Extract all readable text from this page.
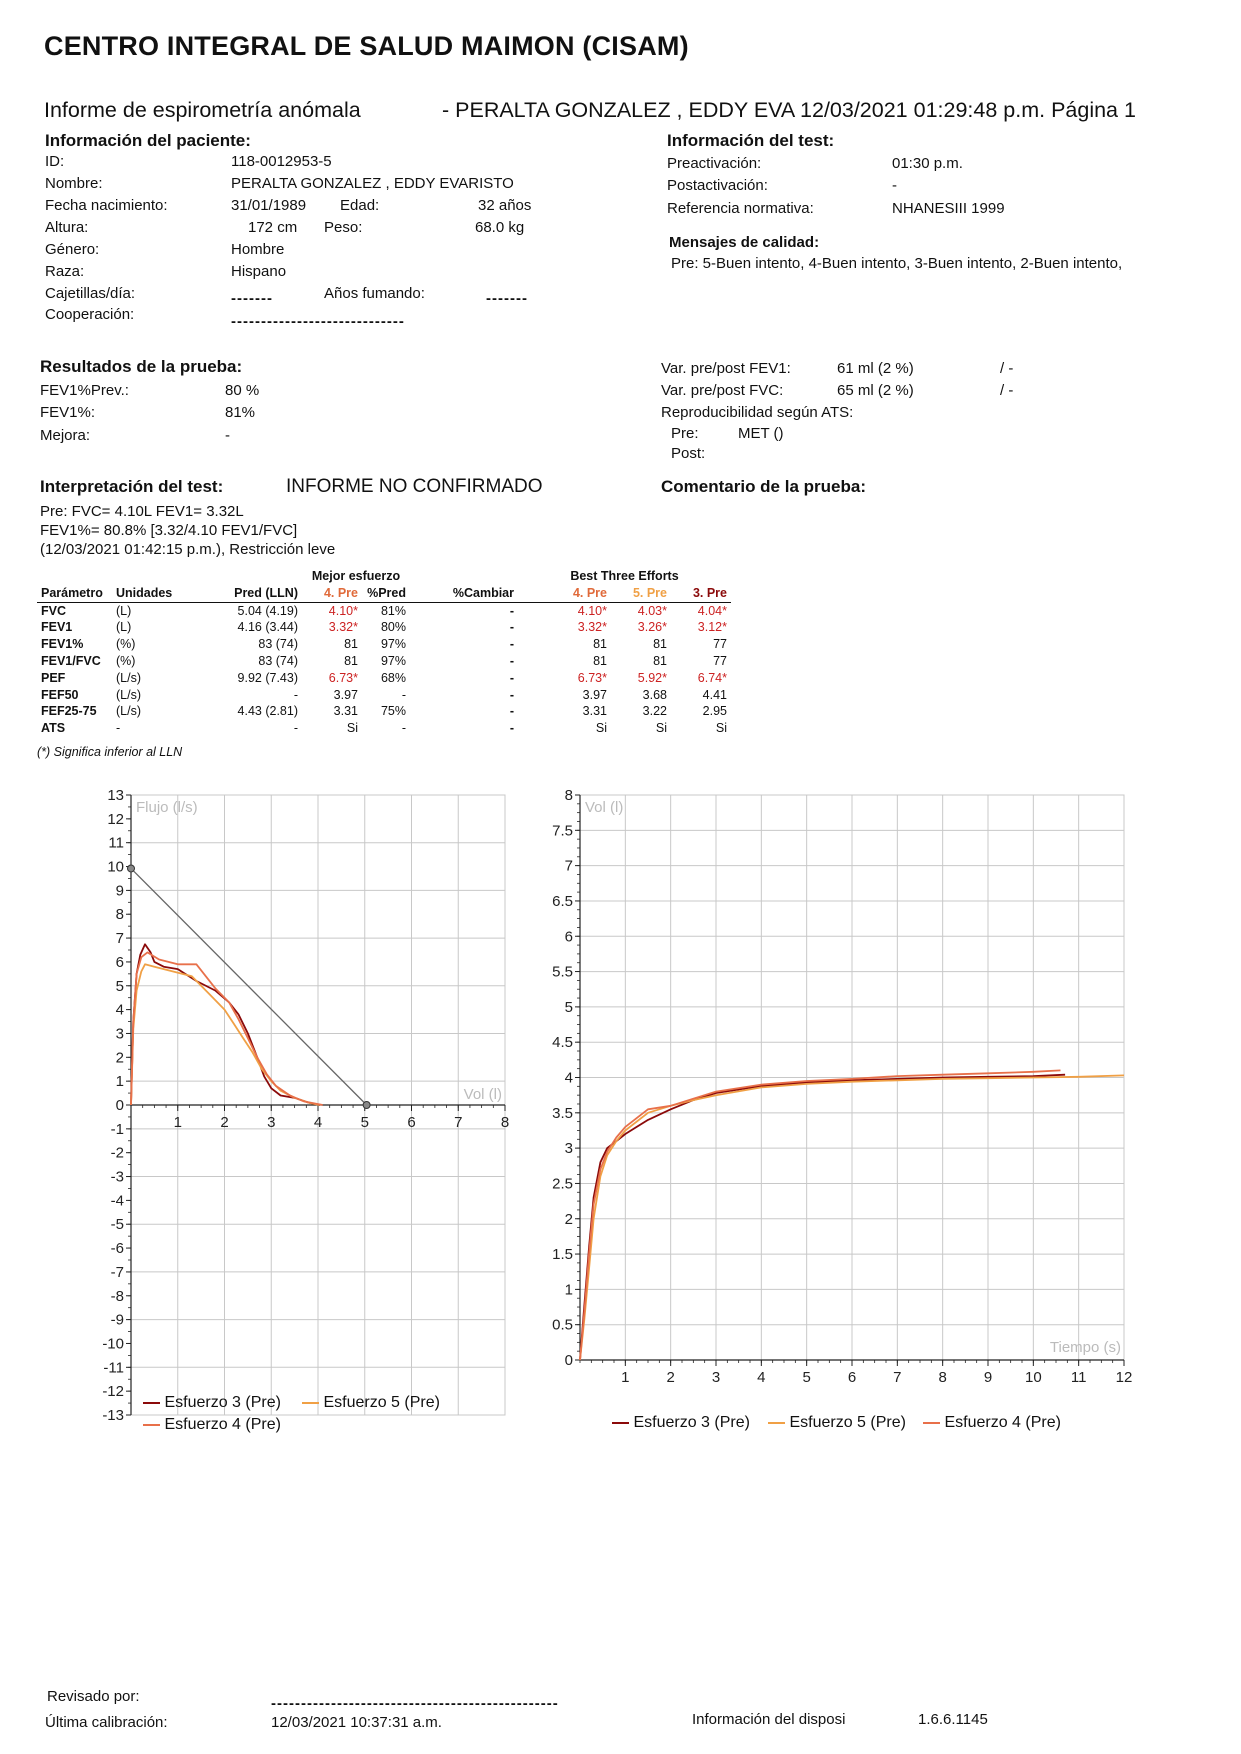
CENTRO INTEGRAL DE SALUD MAIMON (CISAM)
Informe de espirometría anómala	- PERALTA GONZALEZ , EDDY EVA 12/03/2021 01:29:48 p.m. Página 1
Información del paciente:
ID:	118-0012953-5
Nombre:	PERALTA GONZALEZ , EDDY EVARISTO
Fecha nacimiento:	31/01/1989 Edad:	32 años
Altura:	172 cm Peso:	68.0 kg
Género:	Hombre
Raza:	Hispano
Cajetillas/día:	-------	Años fumando:	-------
Cooperación:	-----------------------------
Información del test:
Preactivación:	01:30 p.m.
Postactivación:	-
Referencia normativa:	NHANESIII 1999
Mensajes de calidad:
Pre: 5-Buen intento, 4-Buen intento, 3-Buen intento, 2-Buen intento,
Resultados de la prueba:
FEV1%Prev.:	80 %
FEV1%:	81%
Mejora:	-
Var. pre/post FEV1:	61 ml (2 %)	/ -
Var. pre/post FVC:	65 ml (2 %)	/ -
Reproducibilidad según ATS:
Pre:	MET ()
Post:
Interpretación del test:	INFORME NO CONFIRMADO	Comentario de la prueba:
Pre: FVC= 4.10L FEV1= 3.32L
FEV1%= 80.8% [3.32/4.10 FEV1/FVC]
(12/03/2021 01:42:15 p.m.), Restricción leve
			Mejor esfuerzo			Best Three Efforts		
Parámetro	Unidades	Pred (LLN)	4. Pre	%Pred	%Cambiar	4. Pre	5. Pre	3. Pre
FVC	(L)	5.04 (4.19)	4.10*	81%	-	4.10*	4.03*	4.04*
FEV1	(L)	4.16 (3.44)	3.32*	80%	-	3.32*	3.26*	3.12*
FEV1%	(%)	83 (74)	81	97%	-	81	81	77
FEV1/FVC	(%)	83 (74)	81	97%	-	81	81	77
PEF	(L/s)	9.92 (7.43)	6.73*	68%	-	6.73*	5.92*	6.74*
FEF50	(L/s)	-	3.97	-	-	3.97	3.68	4.41
FEF25-75	(L/s)	4.43 (2.81)	3.31	75%	-	3.31	3.22	2.95
ATS	-	-	Si	-	-	Si	Si	Si
(*) Significa inferior al LLN
-13
-12
-11
-10
-9
-8
-7
-6
-5
-4
-3
-2
-1
0
1
2
3
4
5
6
7
8
9
10
11
12
13
1	2	3	4	5	6	7	8
Flujo (l/s)
Vol (l)
0
0.5
1
1.5
2
2.5
3
3.5
4
4.5
5
5.5
6
6.5
7
7.5
8
1 2 3 4 5 6 7 8 9 10 11 12
Vol (l)
Tiempo (s)
Esfuerzo 3 (Pre)	Esfuerzo 5 (Pre)
Esfuerzo 4 (Pre)	Esfuerzo 3 (Pre)	Esfuerzo 5 (Pre)	Esfuerzo 4 (Pre)
Revisado por:	------------------------------------------------
Última calibración:	12/03/2021 10:37:31 a.m.	Información del disposi	1.6.6.1145
